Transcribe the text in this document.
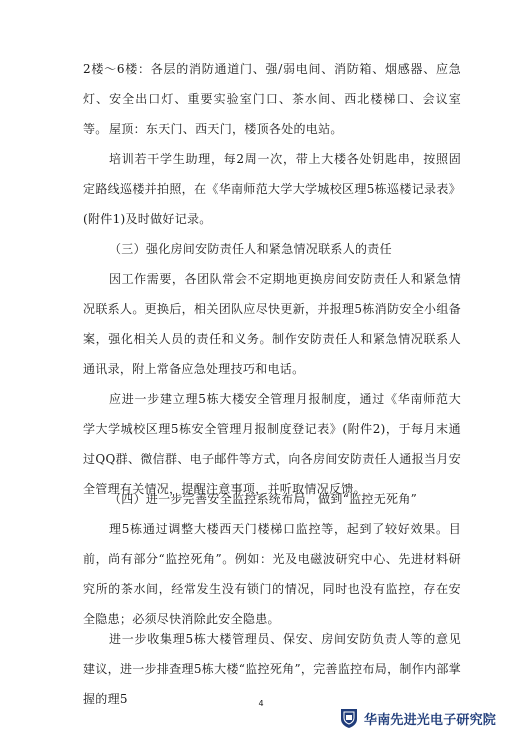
2楼～6楼：各层的消防通道门、强/弱电间、消防箱、烟感器、应急灯、安全出口灯、重要实验室门口、茶水间、西北楼梯口、会议室等。 屋顶：东天门、西天门，楼顶各处的电站。

培训若干学生助理，每2周一次，带上大楼各处钥匙串，按照固定路线巡楼并拍照，在《华南师范大学大学城校区理5栋巡楼记录表》(附件1)及时做好记录。

（三）强化房间安防责任人和紧急情况联系人的责任

因工作需要，各团队常会不定期地更换房间安防责任人和紧急情况联系人。更换后，相关团队应尽快更新，并报理5栋消防安全小组备案，强化相关人员的责任和义务。制作安防责任人和紧急情况联系人通讯录，附上常备应急处理技巧和电话。

应进一步建立理5栋大楼安全管理月报制度，通过《华南师范大学大学城校区理5栋安全管理月报制度登记表》(附件2)，于每月末通过QQ群、微信群、电子邮件等方式，向各房间安防责任人通报当月安全管理有关情况，提醒注意事项，并听取情况反馈。

（四）进一步完善安全监控系统布局，做到“监控无死角”

理5栋通过调整大楼西天门楼梯口监控等，起到了较好效果。目前，尚有部分“监控死角”。例如：光及电磁波研究中心、先进材料研究所的茶水间，经常发生没有锁门的情况，同时也没有监控，存在安全隐患；必须尽快消除此安全隐患。

进一步收集理5栋大楼管理员、保安、房间安防负责人等的意见建议，进一步排查理5栋大楼“监控死角”，完善监控布局，制作内部掌握的理5	4
华南先进光电子研究院
